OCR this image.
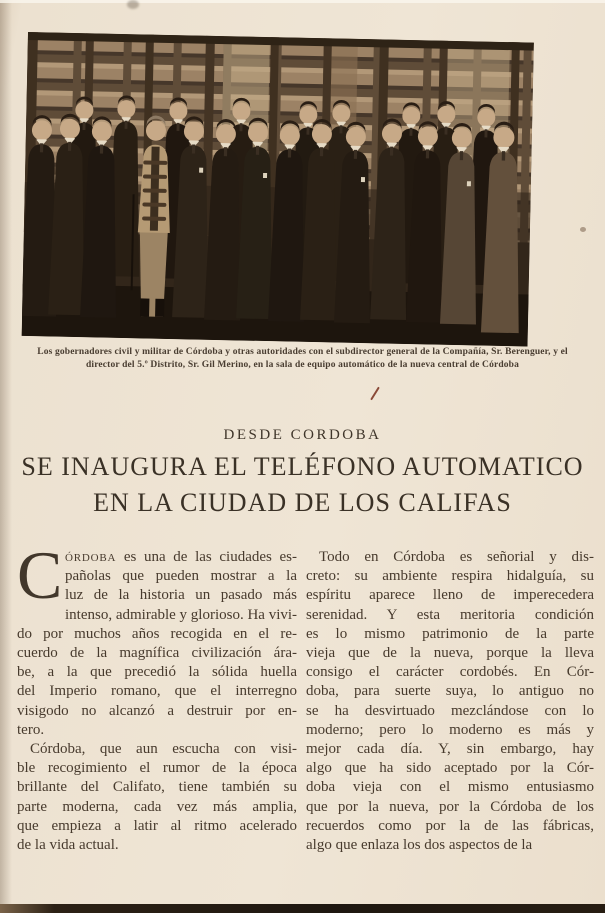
Los gobernadores civil y militar de Córdoba y otras autoridades con el subdirector general de la Compañía, Sr. Berenguer, y el
director del 5.º Distrito, Sr. Gil Merino, en la sala de equipo automático de la nueva central de Córdoba
DESDE CORDOBA
SE INAUGURA EL TELÉFONO AUTOMATICO
EN LA CIUDAD DE LOS CALIFAS
C órdoba es una de las ciudades es-
pañolas que pueden mostrar a la
luz de la historia un pasado más
intenso, admirable y glorioso. Ha vivi-
do por muchos años recogida en el re-
cuerdo de la magnífica civilización ára-
be, a la que precedió la sólida huella
del Imperio romano, que el interregno
visigodo no alcanzó a destruir por en-
tero.
Córdoba, que aun escucha con visi-
ble recogimiento el rumor de la época
brillante del Califato, tiene también su
parte moderna, cada vez más amplia,
que empieza a latir al ritmo acelerado
de la vida actual.
Todo en Córdoba es señorial y dis-
creto: su ambiente respira hidalguía, su
espíritu aparece lleno de imperecedera
serenidad. Y esta meritoria condición
es lo mismo patrimonio de la parte
vieja que de la nueva, porque la lleva
consigo el carácter cordobés. En Cór-
doba, para suerte suya, lo antiguo no
se ha desvirtuado mezclándose con lo
moderno; pero lo moderno es más y
mejor cada día. Y, sin embargo, hay
algo que ha sido aceptado por la Cór-
doba vieja con el mismo entusiasmo
que por la nueva, por la Córdoba de los
recuerdos como por la de las fábricas,
algo que enlaza los dos aspectos de la
